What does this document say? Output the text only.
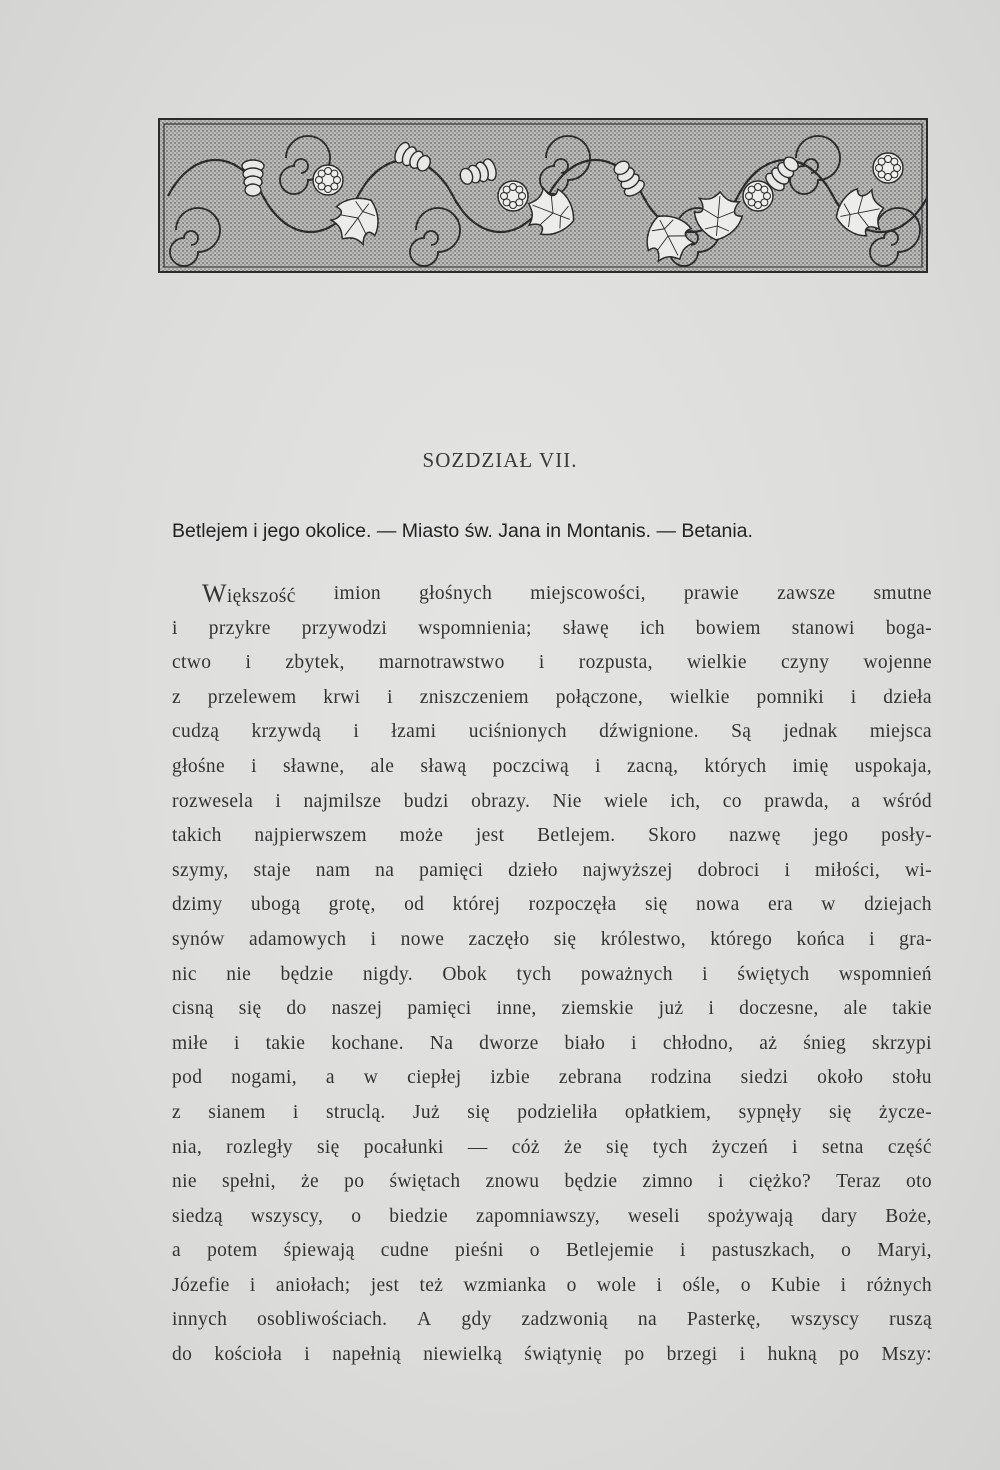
SOZDZIAŁ VII.
Betlejem i jego okolice. — Miasto św. Jana in Montanis. — Betania.
Większość imion głośnych miejscowości, prawie zawsze smutne
i przykre przywodzi wspomnienia; sławę ich bowiem stanowi boga-
ctwo i zbytek, marnotrawstwo i rozpusta, wielkie czyny wojenne
z przelewem krwi i zniszczeniem połączone, wielkie pomniki i dzieła
cudzą krzywdą i łzami uciśnionych dźwignione. Są jednak miejsca
głośne i sławne, ale sławą poczciwą i zacną, których imię uspokaja,
rozwesela i najmilsze budzi obrazy. Nie wiele ich, co prawda, a wśród
takich najpierwszem może jest Betlejem. Skoro nazwę jego posły-
szymy, staje nam na pamięci dzieło najwyższej dobroci i miłości, wi-
dzimy ubogą grotę, od której rozpoczęła się nowa era w dziejach
synów adamowych i nowe zaczęło się królestwo, którego końca i gra-
nic nie będzie nigdy. Obok tych poważnych i świętych wspomnień
cisną się do naszej pamięci inne, ziemskie już i doczesne, ale takie
miłe i takie kochane. Na dworze biało i chłodno, aż śnieg skrzypi
pod nogami, a w ciepłej izbie zebrana rodzina siedzi około stołu
z sianem i struclą. Już się podzieliła opłatkiem, sypnęły się życze-
nia, rozległy się pocałunki — cóż że się tych życzeń i setna część
nie spełni, że po świętach znowu będzie zimno i ciężko? Teraz oto
siedzą wszyscy, o biedzie zapomniawszy, weseli spożywają dary Boże,
a potem śpiewają cudne pieśni o Betlejemie i pastuszkach, o Maryi,
Józefie i aniołach; jest też wzmianka o wole i ośle, o Kubie i różnych
innych osobliwościach. A gdy zadzwonią na Pasterkę, wszyscy ruszą
do kościoła i napełnią niewielką świątynię po brzegi i hukną po Mszy:
